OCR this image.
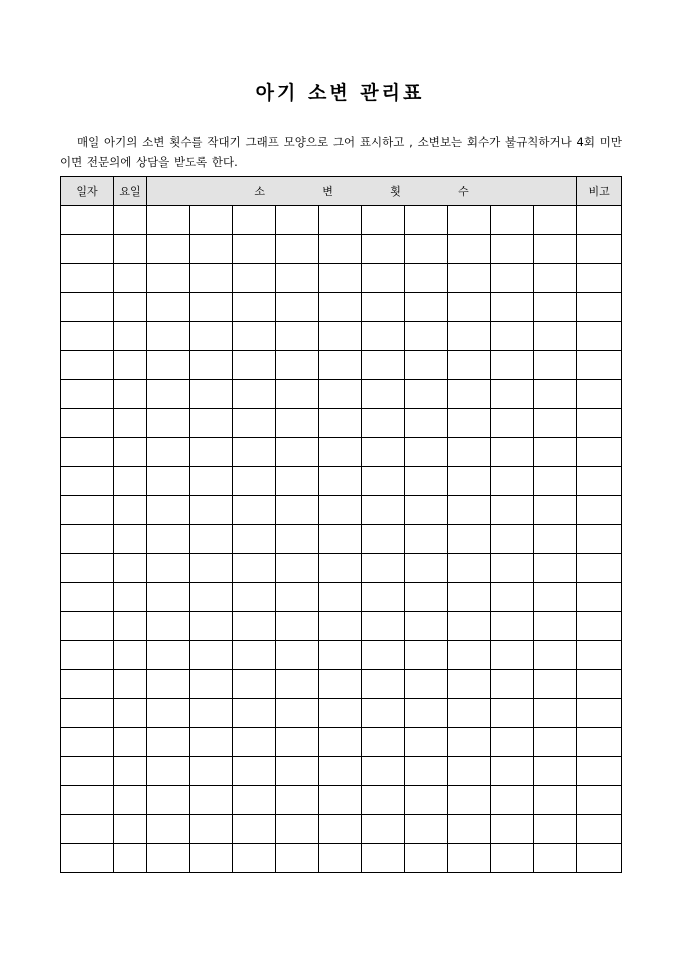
아기 소변 관리표
매일 아기의 소변 횟수를 작대기 그래프 모양으로 그어 표시하고 , 소변보는 회수가 불규칙하거나 4회 미만이면 전문의에 상담을 받도록 한다.
일자	요일	소 변 횟 수										비고
